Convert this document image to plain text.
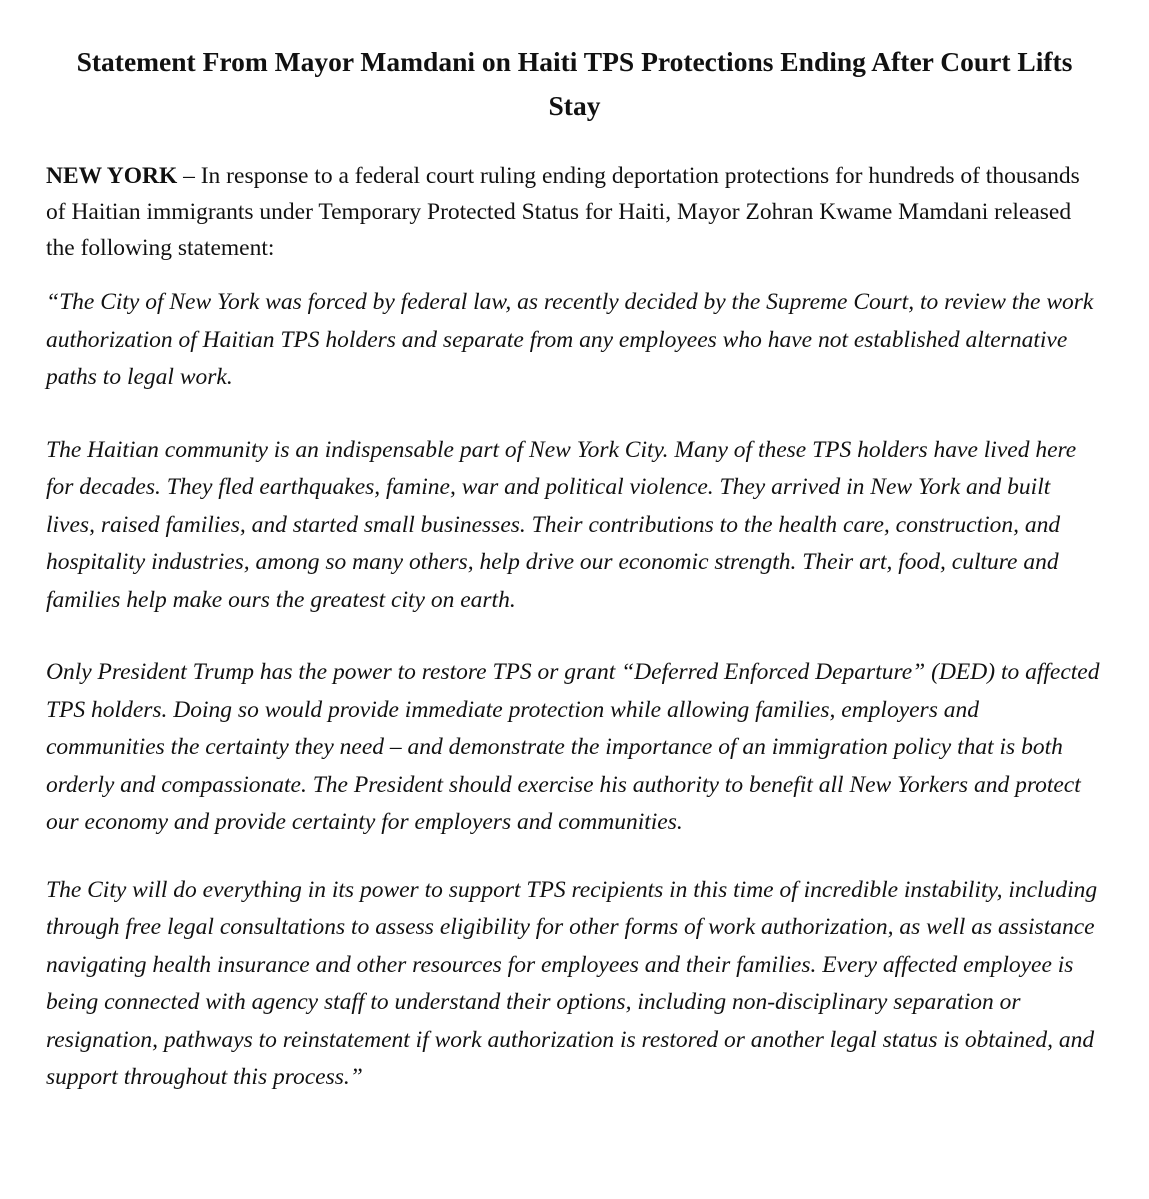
Statement From Mayor Mamdani on Haiti TPS Protections Ending After Court Lifts Stay

NEW YORK – In response to a federal court ruling ending deportation protections for hundreds of thousands of Haitian immigrants under Temporary Protected Status for Haiti, Mayor Zohran Kwame Mamdani released the following statement:

“The City of New York was forced by federal law, as recently decided by the Supreme Court, to review the work authorization of Haitian TPS holders and separate from any employees who have not established alternative paths to legal work.

The Haitian community is an indispensable part of New York City. Many of these TPS holders have lived here for decades. They fled earthquakes, famine, war and political violence. They arrived in New York and built lives, raised families, and started small businesses. Their contributions to the health care, construction, and hospitality industries, among so many others, help drive our economic strength. Their art, food, culture and families help make ours the greatest city on earth.

Only President Trump has the power to restore TPS or grant “Deferred Enforced Departure” (DED) to affected TPS holders. Doing so would provide immediate protection while allowing families, employers and communities the certainty they need – and demonstrate the importance of an immigration policy that is both orderly and compassionate. The President should exercise his authority to benefit all New Yorkers and protect our economy and provide certainty for employers and communities.

The City will do everything in its power to support TPS recipients in this time of incredible instability, including through free legal consultations to assess eligibility for other forms of work authorization, as well as assistance navigating health insurance and other resources for employees and their families. Every affected employee is being connected with agency staff to understand their options, including non-disciplinary separation or resignation, pathways to reinstatement if work authorization is restored or another legal status is obtained, and support throughout this process.”
